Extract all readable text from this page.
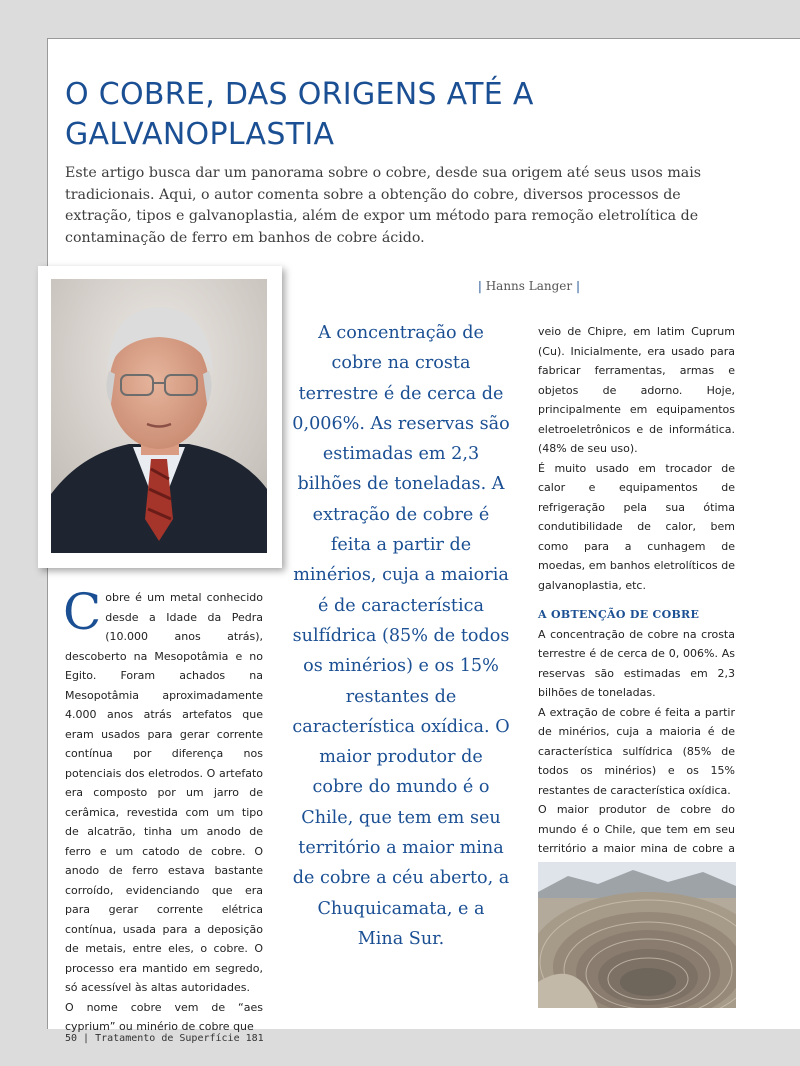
O COBRE, DAS ORIGENS ATÉ A GALVANOPLASTIA

Este artigo busca dar um panorama sobre o cobre, desde sua origem até seus usos mais tradicionais. Aqui, o autor comenta sobre a obtenção do cobre, diversos processos de extração, tipos e galvanoplastia, além de expor um método para remoção eletrolítica de contaminação de ferro em banhos de cobre ácido.

| Hanns Langer |

Cobre é um metal conhecido desde a Idade da Pedra (10.000 anos atrás), descoberto na Mesopotâmia e no Egito. Foram achados na Mesopotâmia aproximadamente 4.000 anos atrás artefatos que eram usados para gerar corrente contínua por diferença nos potenciais dos eletrodos. O artefato era composto por um jarro de cerâmica, revestida com um tipo de alcatrão, tinha um anodo de ferro e um catodo de cobre. O anodo de ferro estava bastante corroído, evidenciando que era para gerar corrente elétrica contínua, usada para a deposição de metais, entre eles, o cobre. O processo era mantido em segredo, só acessível às altas autoridades.

O nome cobre vem de “aes cyprium” ou minério de cobre que

A concentração de cobre na crosta terrestre é de cerca de 0,006%. As reservas são estimadas em 2,3 bilhões de toneladas. A extração de cobre é feita a partir de minérios, cuja a maioria é de característica sulfídrica (85% de todos os minérios) e os 15% restantes de característica oxídica. O maior produtor de cobre do mundo é o Chile, que tem em seu território a maior mina de cobre a céu aberto, a Chuquicamata, e a Mina Sur.

veio de Chipre, em latim Cuprum (Cu). Inicialmente, era usado para fabricar ferramentas, armas e objetos de adorno. Hoje, principalmente em equipamentos eletroeletrônicos e de informática. (48% de seu uso).

É muito usado em trocador de calor e equipamentos de refrigeração pela sua ótima condutibilidade de calor, bem como para a cunhagem de moedas, em banhos eletrolíticos de galvanoplastia, etc.

A OBTENÇÃO DE COBRE

A concentração de cobre na crosta terrestre é de cerca de 0, 006%. As reservas são estimadas em 2,3 bilhões de toneladas.

A extração de cobre é feita a partir de minérios, cuja a maioria é de característica sulfídrica (85% de todos os minérios) e os 15% restantes de característica oxídica.

O maior produtor de cobre do mundo é o Chile, que tem em seu território a maior mina de cobre a

50 | Tratamento de Superfície 181
